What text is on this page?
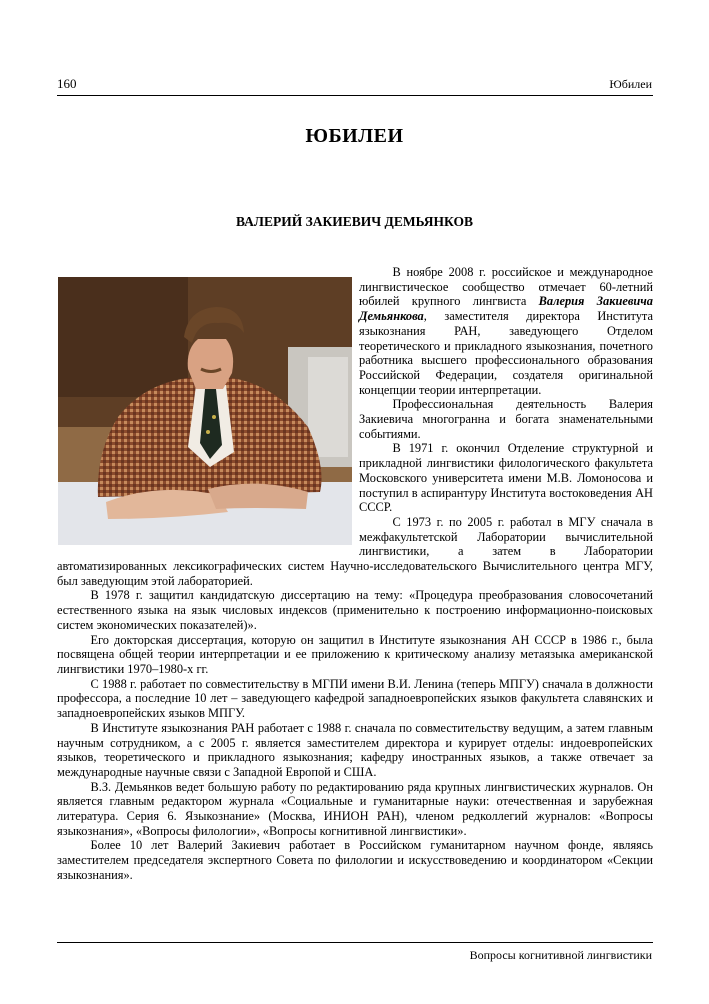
160	Юбилеи
ЮБИЛЕИ
ВАЛЕРИЙ ЗАКИЕВИЧ ДЕМЬЯНКОВ

В ноябре 2008 г. российское и международное лингвистическое сообщество отмечает 60-летний юбилей крупного лингвиста Валерия Закиевича Демьянкова, заместителя директора Института языкознания РАН, заведующего Отделом теоретического и прикладного языкознания, почетного работника высшего профессионального образования Российской Федерации, создателя оригинальной концепции теории интерпретации.

Профессиональная деятельность Валерия Закиевича многогранна и богата знаменательными событиями.

В 1971 г. окончил Отделение структурной и прикладной лингвистики филологического факультета Московского университета имени М.В. Ломоносова и поступил в аспирантуру Института востоковедения АН СССР.

С 1973 г. по 2005 г. работал в МГУ сначала в межфакультетской Лаборатории вычислительной лингвистики, а затем в Лаборатории автоматизированных лексикографических систем Научно-исследовательского Вычислительного центра МГУ, был заведующим этой лабораторией.

В 1978 г. защитил кандидатскую диссертацию на тему: «Процедура преобразования словосочетаний естественного языка на язык числовых индексов (применительно к построению информационно-поисковых систем экономических показателей)».

Его докторская диссертация, которую он защитил в Институте языкознания АН СССР в 1986 г., была посвящена общей теории интерпретации и ее приложению к критическому анализу метаязыка американской лингвистики 1970–1980-х гг.

С 1988 г. работает по совместительству в МГПИ имени В.И. Ленина (теперь МПГУ) сначала в должности профессора, а последние 10 лет – заведующего кафедрой западноевропейских языков факультета славянских и западноевропейских языков МПГУ.

В Институте языкознания РАН работает с 1988 г. сначала по совместительству ведущим, а затем главным научным сотрудником, а с 2005 г. является заместителем директора и курирует отделы: индоевропейских языков, теоретического и прикладного языкознания; кафедру иностранных языков, а также отвечает за международные научные связи с Западной Европой и США.

В.З. Демьянков ведет большую работу по редактированию ряда крупных лингвистических журналов. Он является главным редактором журнала «Социальные и гуманитарные науки: отечественная и зарубежная литература. Серия 6. Языкознание» (Москва, ИНИОН РАН), членом редколлегий журналов: «Вопросы языкознания», «Вопросы филологии», «Вопросы когнитивной лингвистики».

Более 10 лет Валерий Закиевич работает в Российском гуманитарном научном фонде, являясь заместителем председателя экспертного Совета по филологии и искусствоведению и координатором «Секции языкознания».

Вопросы когнитивной лингвистики
